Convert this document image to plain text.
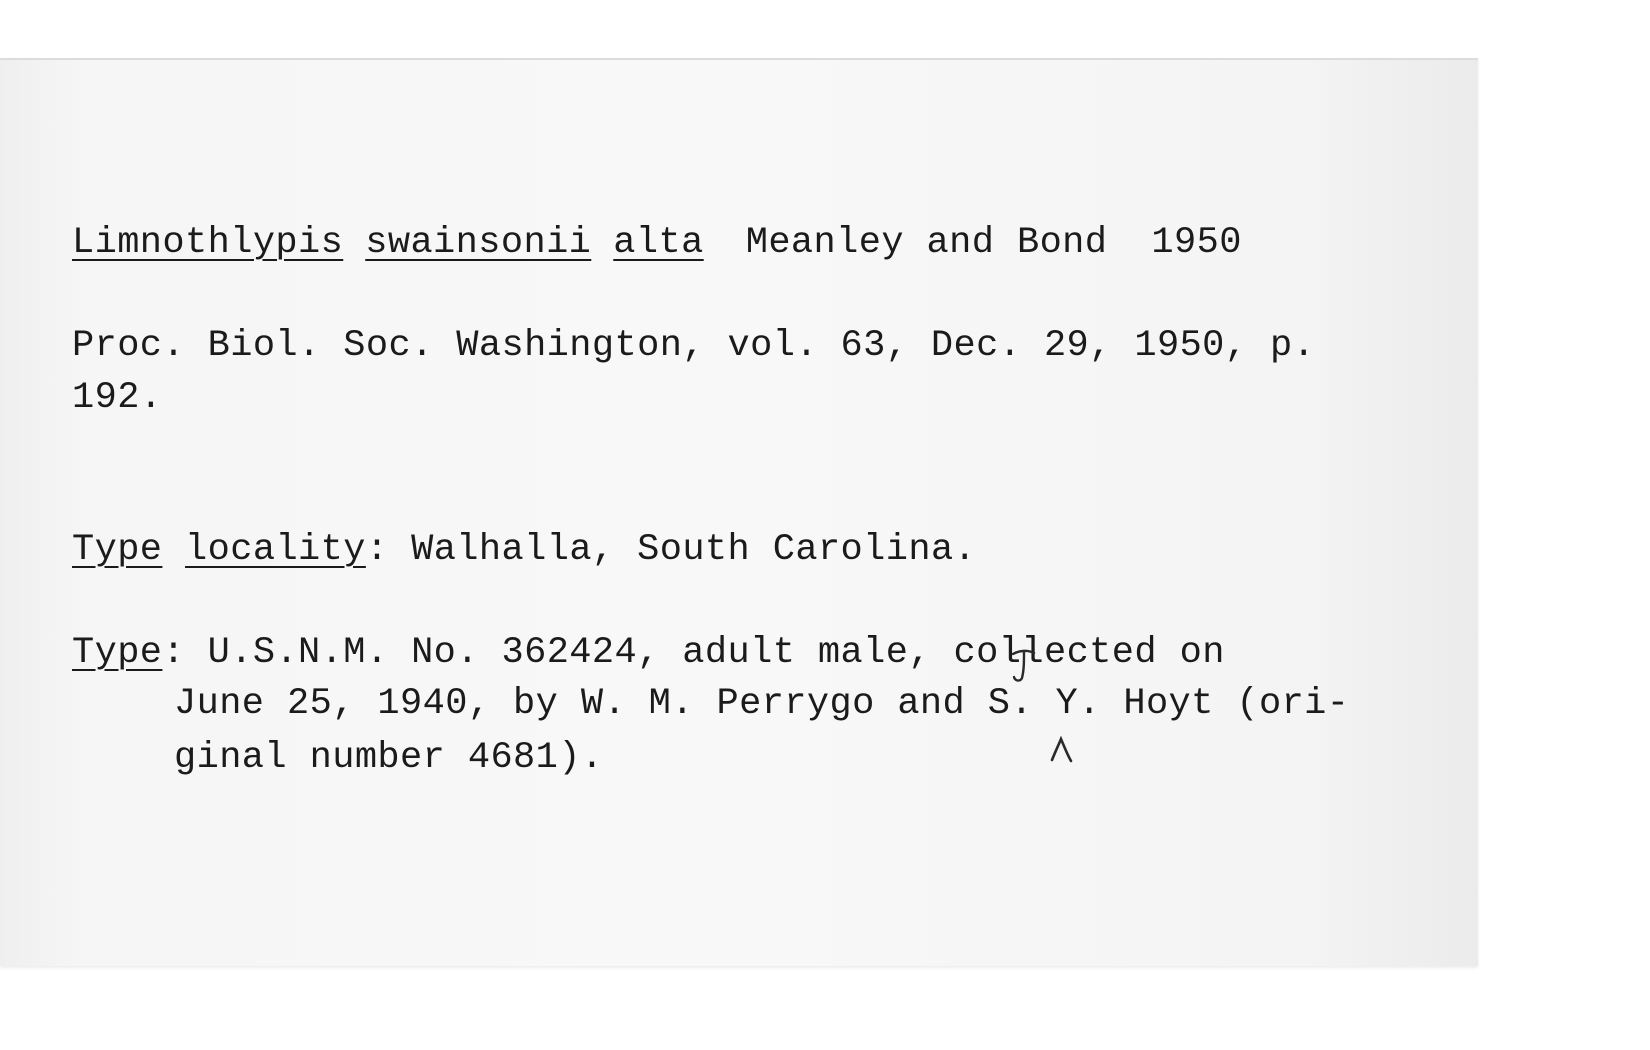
Limnothlypis swainsonii alta Meanley and Bond 1950
Proc. Biol. Soc. Washington, vol. 63, Dec. 29, 1950, p.
192.
Type locality: Walhalla, South Carolina.
Type: U.S.N.M. No. 362424, adult male, collected on
June 25, 1940, by W. M. Perrygo and S. Y. Hoyt (ori-
ginal number 4681).
